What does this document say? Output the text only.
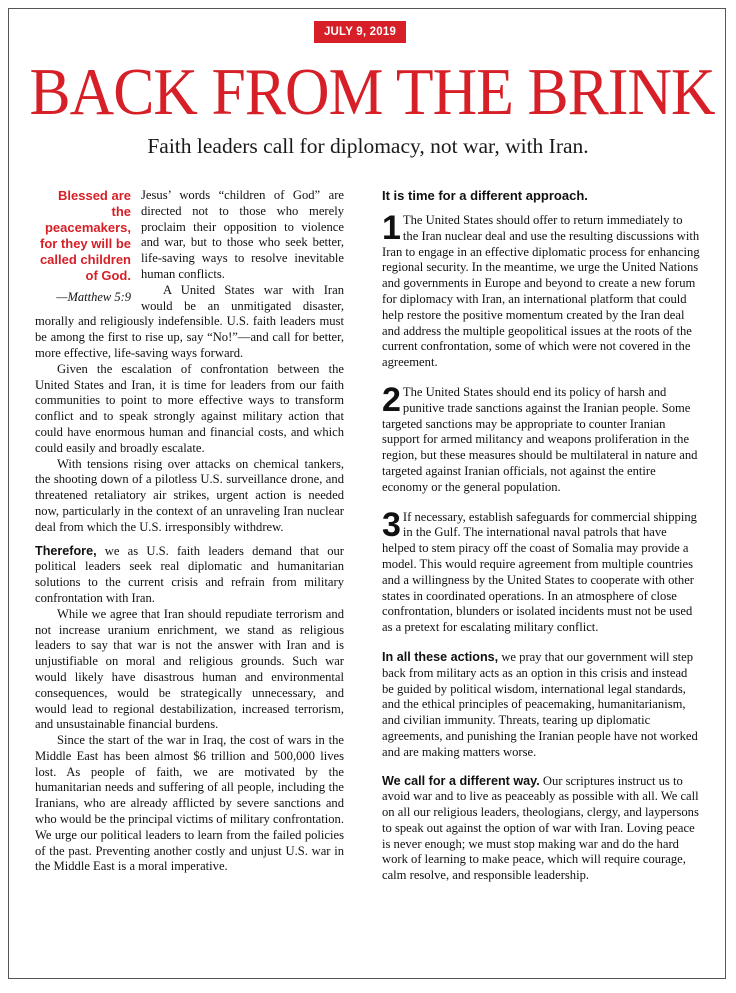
JULY 9, 2019
BACK FROM THE BRINK
Faith leaders call for diplomacy, not war, with Iran.
Blessed are the peacemakers, for they will be called children of God.
—Matthew 5:9

Jesus’ words “children of God” are directed not to those who merely proclaim their opposition to violence and war, but to those who seek better, life-saving ways to resolve inevitable human conflicts.

A United States war with Iran would be an unmitigated disaster, morally and religiously indefensible. U.S. faith leaders must be among the first to rise up, say “No!”—and call for better, more effective, life-saving ways forward.

Given the escalation of confrontation between the United States and Iran, it is time for leaders from our faith communities to point to more effective ways to transform conflict and to speak strongly against military action that could have enormous human and financial costs, and which could easily and broadly escalate.

With tensions rising over attacks on chemical tankers, the shooting down of a pilotless U.S. surveillance drone, and threatened retaliatory air strikes, urgent action is needed now, particularly in the context of an unraveling Iran nuclear deal from which the U.S. irresponsibly withdrew.

Therefore, we as U.S. faith leaders demand that our political leaders seek real diplomatic and humanitarian solutions to the current crisis and refrain from military confrontation with Iran.

While we agree that Iran should repudiate terrorism and not increase uranium enrichment, we stand as religious leaders to say that war is not the answer with Iran and is unjustifiable on moral and religious grounds. Such war would likely have disastrous human and environmental consequences, would be strategically unnecessary, and would lead to regional destabilization, increased terrorism, and unsustainable financial burdens.

Since the start of the war in Iraq, the cost of wars in the Middle East has been almost $6 trillion and 500,000 lives lost. As people of faith, we are motivated by the humanitarian needs and suffering of all people, including the Iranians, who are already afflicted by severe sanctions and who would be the principal victims of military confrontation. We urge our political leaders to learn from the failed policies of the past. Preventing another costly and unjust U.S. war in the Middle East is a moral imperative.

It is time for a different approach.
1 The United States should offer to return immediately to the Iran nuclear deal and use the resulting discussions with Iran to engage in an effective diplomatic process for enhancing regional security. In the meantime, we urge the United Nations and governments in Europe and beyond to create a new forum for diplomacy with Iran, an international platform that could help restore the positive momentum created by the Iran deal and address the multiple geopolitical issues at the roots of the current confrontation, some of which were not covered in the agreement.
2 The United States should end its policy of harsh and punitive trade sanctions against the Iranian people. Some targeted sanctions may be appropriate to counter Iranian support for armed militancy and weapons proliferation in the region, but these measures should be multilateral in nature and targeted against Iranian officials, not against the entire economy or the general population.
3 If necessary, establish safeguards for commercial shipping in the Gulf. The international naval patrols that have helped to stem piracy off the coast of Somalia may provide a model. This would require agreement from multiple countries and a willingness by the United States to cooperate with other states in coordinated operations. In an atmosphere of close confrontation, blunders or isolated incidents must not be used as a pretext for escalating military conflict.

In all these actions, we pray that our government will step back from military acts as an option in this crisis and instead be guided by political wisdom, international legal standards, and the ethical principles of peacemaking, humanitarianism, and civilian immunity. Threats, tearing up diplomatic agreements, and punishing the Iranian people have not worked and are making matters worse.

We call for a different way. Our scriptures instruct us to avoid war and to live as peaceably as possible with all. We call on all our religious leaders, theologians, clergy, and laypersons to speak out against the option of war with Iran. Loving peace is never enough; we must stop making war and do the hard work of learning to make peace, which will require courage, calm resolve, and responsible leadership.
